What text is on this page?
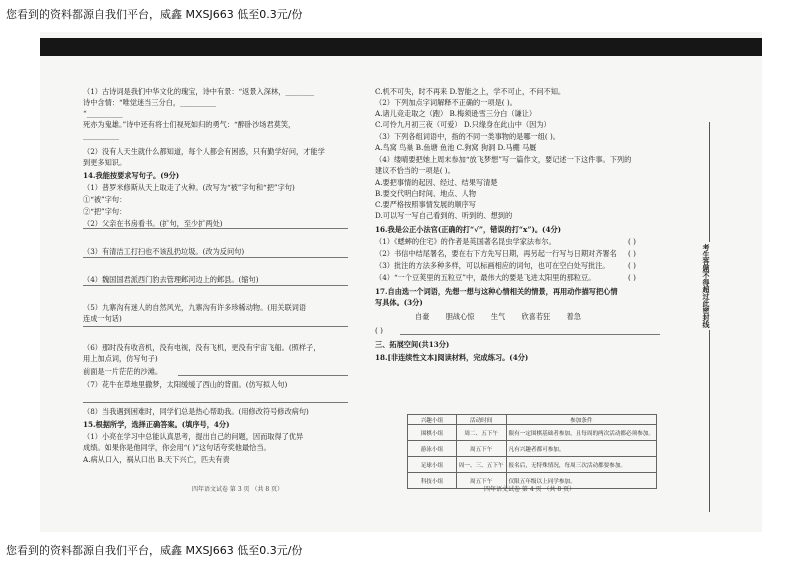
您看到的资料都源自我们平台，威鑫 MXSJ663 低至0.3元/份

（1）古诗词是我们中华文化的瑰宝，诗中有景：“返景入深林，________

诗中含情：“唯觉迷当三分白，__________

“__________

死亦为鬼雄。”诗中还有将士们视死如归的勇气：“醉卧沙场君莫笑，

__________

（2）没有人天生就什么都知道，每个人都会有困惑，只有勤学好问，才能学

到更多知识。

14.我能按要求写句子。(9分)

（1）普罗米修斯从天上取走了火种。(改写为“被”字句和“把”字句)

①“被”字句：

②“把”字句：

（2）父亲在书房看书。(扩句，至少扩两处)

（3）有清洁工打扫也不该乱扔垃圾。(改为反问句)

（4）魏国国君派西门豹去管理邺河边上的邺县。(缩句)

（5）九寨沟有迷人的自然风光，九寨沟有许多珍稀动物。(用关联词语

连成一句话)

（6）那时没有收音机，没有电视，没有飞机，更没有宇宙飞船。(照样子，

用上加点词，仿写句子)

前面是一片茫茫的沙滩。

（7）花牛在草地里撒梦，太阳缓缓了西山的背面。(仿写拟人句)

（8）当我遇到困难时，同学们总是热心帮助我。(用修改符号修改病句)

15.根据所学，选择正确答案。(填序号，4分)

（1）小亮在学习中总能认真思考，提出自己的问题，因而取得了优异

成绩。如果你是他同学，你会用“( )”这句话夸奖他最恰当。

A.病从口入，祸从口出 B.天下兴亡，匹夫有责

C.机不可失，时不再来 D.智能之上，学不可止，不问不知。

（2）下列加点字词解释不正确的一项是( )。

A.诸儿竞走取之（跑） B.梅须逊雪三分白（谦让）

C.可怜九月初三夜（可爱） D.只缘身在此山中（因为）

（3）下列各组词语中，指的不同一类事物的是哪一组( )。

A.鸟窝 鸟巢 B.鱼塘 鱼池 C.狗窝 狗洞 D.马棚 马厩

（4）缕晴要把她上周末参加“放飞梦想”写一篇作文，要记述一下这件事。下列的

建议不恰当的一项是( )。

A.要把事情的起因、经过、结果写清楚

B.要交代明白时间、地点、人物

C.要严格按照事情发展的顺序写

D.可以写一写自己看到的、听到的、想到的

16.我是公正小法官(正确的打“√”，错误的打“x”)。(4分)

（1）《蟋蟀的住宅》的作者是英国著名昆虫学家法布尔。

（2）书信中结尾署名，要在右下方先写日期，再另起一行写与日期对齐署名

（3）批注的方法多种多样，可以标画相应的词句，也可在空白处写批注。

（4）“一个豆荚里的五粒豆”中，最伟大的要是飞进太阳里的那粒豆。

17.自由选一个词语，先想一想与这种心情相关的情景，再用动作描写把心情

写具体。(3分)

自豪 胆战心惊 生气 欣喜若狂 着急

( )

三、拓展空间(共13分)

18.[非连续性文本]阅读材料，完成练习。(4分)

( )

( )

( )

( )

兴趣小组	活动时间	参加条件
围棋小组	周二、五下午	限有一定围棋基础者参加，且每周的两次活动都必须参加。
游泳小组	周五下午	凡有兴趣者都可参加。
足球小组	周一、三、五下午	报名后，无特殊情况，每周三次活动都要参加。
科技小组	周五下午	仅限五年级以上同学参加。
四年语文试卷 第 3 页 （共 8 页）	四年语文试卷 第 4 页 （共 8 页）
考生答题不得超过此密封线
您看到的资料都源自我们平台，威鑫 MXSJ663 低至0.3元/份
